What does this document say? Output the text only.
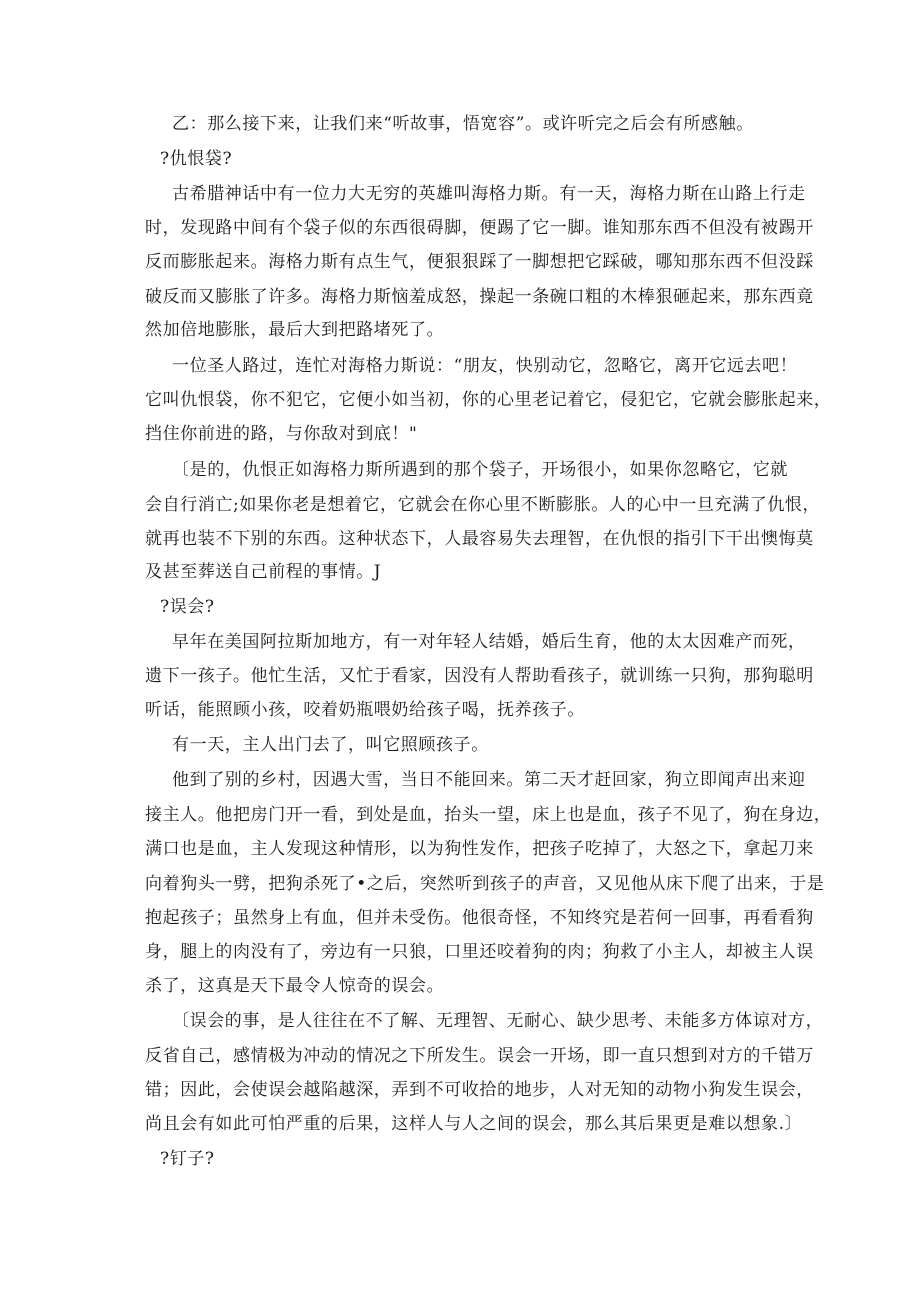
乙：那么接下来，让我们来“听故事，悟宽容”。或许听完之后会有所感触。

?仇恨袋?

古希腊神话中有一位力大无穷的英雄叫海格力斯。有一天，海格力斯在山路上行走

时，发现路中间有个袋子似的东西很碍脚，便踢了它一脚。谁知那东西不但没有被踢开

反而膨胀起来。海格力斯有点生气，便狠狠踩了一脚想把它踩破，哪知那东西不但没踩

破反而又膨胀了许多。海格力斯恼羞成怒，操起一条碗口粗的木棒狠砸起来，那东西竟

然加倍地膨胀，最后大到把路堵死了。

一位圣人路过，连忙对海格力斯说：“朋友，快别动它，忽略它，离开它远去吧！

它叫仇恨袋，你不犯它，它便小如当初，你的心里老记着它，侵犯它，它就会膨胀起来，

挡住你前进的路，与你敌对到底！"

〔是的，仇恨正如海格力斯所遇到的那个袋子，开场很小，如果你忽略它，它就

会自行消亡;如果你老是想着它，它就会在你心里不断膨胀。人的心中一旦充满了仇恨，

就再也装不下别的东西。这种状态下，人最容易失去理智，在仇恨的指引下干出懊悔莫

及甚至葬送自己前程的事情。J

?误会?

早年在美国阿拉斯加地方，有一对年轻人结婚，婚后生育，他的太太因难产而死，

遗下一孩子。他忙生活，又忙于看家，因没有人帮助看孩子，就训练一只狗，那狗聪明

听话，能照顾小孩，咬着奶瓶喂奶给孩子喝，抚养孩子。

有一天，主人出门去了，叫它照顾孩子。

他到了别的乡村，因遇大雪，当日不能回来。第二天才赶回家，狗立即闻声出来迎

接主人。他把房门开一看，到处是血，抬头一望，床上也是血，孩子不见了，狗在身边，

满口也是血，主人发现这种情形，以为狗性发作，把孩子吃掉了，大怒之下，拿起刀来

向着狗头一劈，把狗杀死了•之后，突然听到孩子的声音，又见他从床下爬了出来，于是

抱起孩子；虽然身上有血，但并未受伤。他很奇怪，不知终究是若何一回事，再看看狗

身，腿上的肉没有了，旁边有一只狼，口里还咬着狗的肉；狗救了小主人，却被主人误

杀了，这真是天下最令人惊奇的误会。

〔误会的事，是人往往在不了解、无理智、无耐心、缺少思考、未能多方体谅对方，

反省自己，感情极为冲动的情况之下所发生。误会一开场，即一直只想到对方的千错万

错；因此，会使误会越陷越深，弄到不可收拾的地步，人对无知的动物小狗发生误会，

尚且会有如此可怕严重的后果，这样人与人之间的误会，那么其后果更是难以想象.〕

?钉子?
